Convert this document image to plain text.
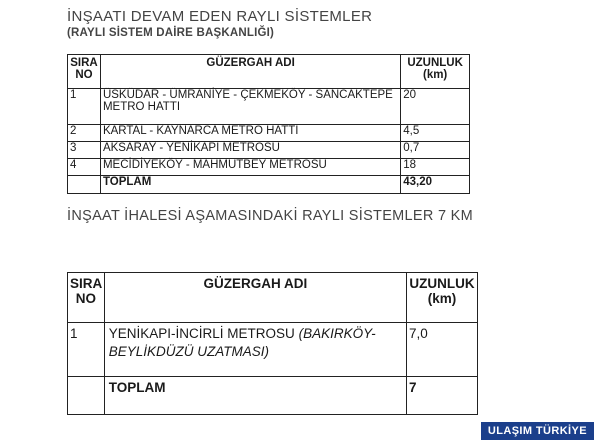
İNŞAATI DEVAM EDEN RAYLI SİSTEMLER
(RAYLI SİSTEM DAİRE BAŞKANLIĞI)
SIRA NO	GÜZERGAH ADI	UZUNLUK (km)
1	ÜSKÜDAR - ÜMRANİYE - ÇEKMEKÖY - SANCAKTEPE METRO HATTI	20
2	KARTAL - KAYNARCA METRO HATTI	4,5
3	AKSARAY - YENİKAPI METROSU	0,7
4	MECİDİYEKÖY - MAHMUTBEY METROSU	18
	TOPLAM	43,20
İNŞAAT İHALESİ AŞAMASINDAKİ RAYLI SİSTEMLER 7 KM
SIRA NO	GÜZERGAH ADI	UZUNLUK (km)
1	YENİKAPI-İNCİRLİ METROSU (BAKIRKÖY-BEYLİKDÜZÜ UZATMASI)	7,0
	TOPLAM	7
ULAŞIM TÜRKİYE
